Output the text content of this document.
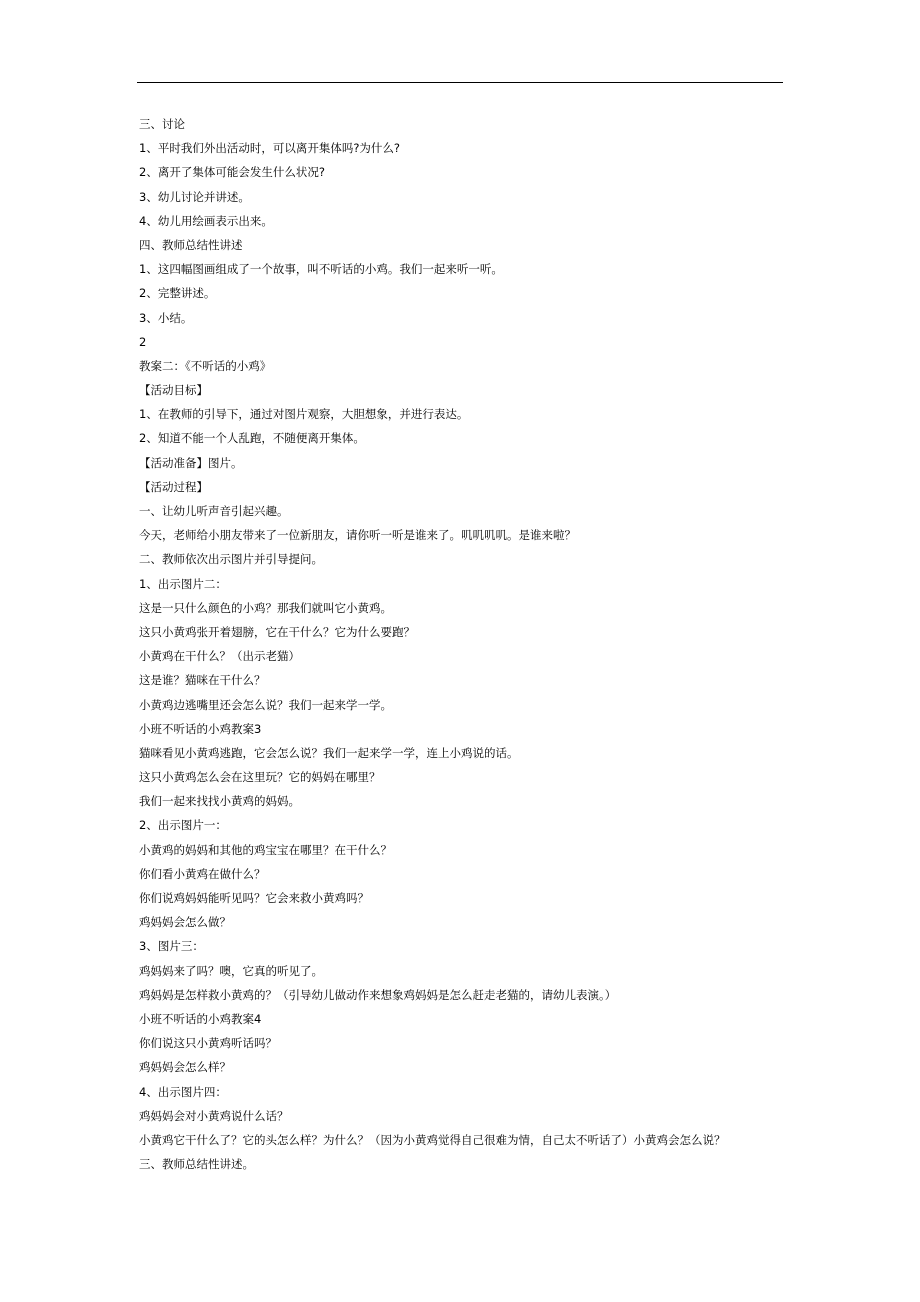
三、讨论
1、平时我们外出活动时，可以离开集体吗?为什么?
2、离开了集体可能会发生什么状况?
3、幼儿讨论并讲述。
4、幼儿用绘画表示出来。
四、教师总结性讲述
1、这四幅图画组成了一个故事，叫不听话的小鸡。我们一起来听一听。
2、完整讲述。
3、小结。
2
教案二：《不听话的小鸡》
【活动目标】
1、在教师的引导下，通过对图片观察，大胆想象，并进行表达。
2、知道不能一个人乱跑，不随便离开集体。
【活动准备】图片。
【活动过程】
一、让幼儿听声音引起兴趣。
今天，老师给小朋友带来了一位新朋友，请你听一听是谁来了。叽叽叽叽。是谁来啦？
二、教师依次出示图片并引导提问。
1、出示图片二：
这是一只什么颜色的小鸡？那我们就叫它小黄鸡。
这只小黄鸡张开着翅膀，它在干什么？它为什么要跑？
小黄鸡在干什么？（出示老猫）
这是谁？猫咪在干什么？
小黄鸡边逃嘴里还会怎么说？我们一起来学一学。
小班不听话的小鸡教案3
猫咪看见小黄鸡逃跑，它会怎么说？我们一起来学一学，连上小鸡说的话。
这只小黄鸡怎么会在这里玩？它的妈妈在哪里？
我们一起来找找小黄鸡的妈妈。
2、出示图片一：
小黄鸡的妈妈和其他的鸡宝宝在哪里？在干什么？
你们看小黄鸡在做什么？
你们说鸡妈妈能听见吗？它会来救小黄鸡吗？
鸡妈妈会怎么做？
3、图片三：
鸡妈妈来了吗？噢，它真的听见了。
鸡妈妈是怎样救小黄鸡的？（引导幼儿做动作来想象鸡妈妈是怎么赶走老猫的，请幼儿表演。）
小班不听话的小鸡教案4
你们说这只小黄鸡听话吗？
鸡妈妈会怎么样？
4、出示图片四：
鸡妈妈会对小黄鸡说什么话？
小黄鸡它干什么了？它的头怎么样？为什么？（因为小黄鸡觉得自己很难为情，自己太不听话了）小黄鸡会怎么说？
三、教师总结性讲述。
